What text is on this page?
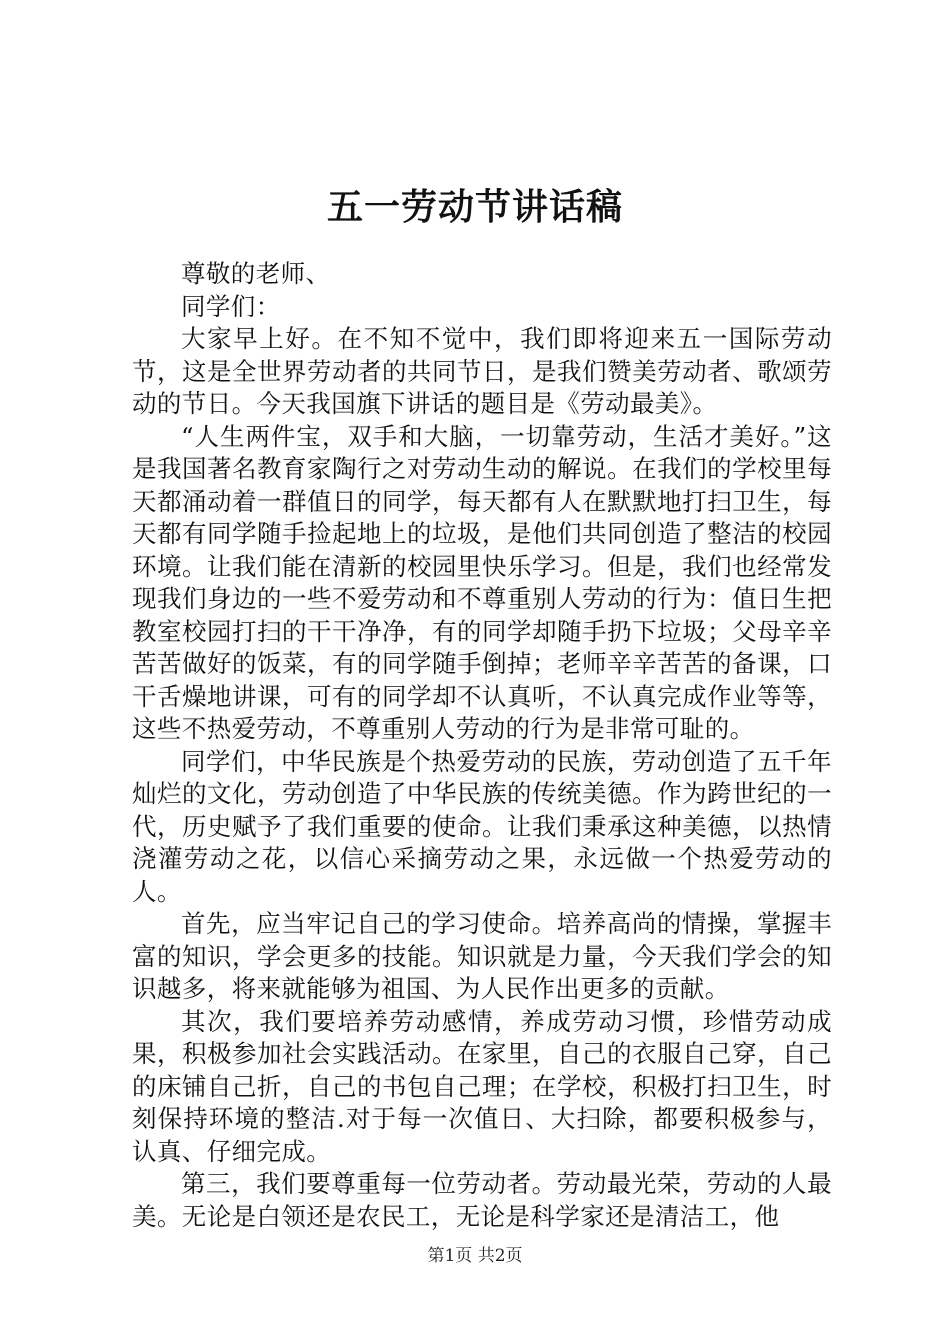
五一劳动节讲话稿

尊敬的老师、

同学们：

大家早上好。在不知不觉中，我们即将迎来五一国际劳动节，这是全世界劳动者的共同节日，是我们赞美劳动者、歌颂劳动的节日。今天我国旗下讲话的题目是《劳动最美》。

“人生两件宝，双手和大脑，一切靠劳动，生活才美好。”这是我国著名教育家陶行之对劳动生动的解说。在我们的学校里每天都涌动着一群值日的同学，每天都有人在默默地打扫卫生，每天都有同学随手捡起地上的垃圾，是他们共同创造了整洁的校园环境。让我们能在清新的校园里快乐学习。但是，我们也经常发现我们身边的一些不爱劳动和不尊重别人劳动的行为：值日生把教室校园打扫的干干净净，有的同学却随手扔下垃圾；父母辛辛苦苦做好的饭菜，有的同学随手倒掉；老师辛辛苦苦的备课，口干舌燥地讲课，可有的同学却不认真听，不认真完成作业等等，这些不热爱劳动，不尊重别人劳动的行为是非常可耻的。

同学们，中华民族是个热爱劳动的民族，劳动创造了五千年灿烂的文化，劳动创造了中华民族的传统美德。作为跨世纪的一代，历史赋予了我们重要的使命。让我们秉承这种美德，以热情浇灌劳动之花，以信心采摘劳动之果，永远做一个热爱劳动的人。

首先，应当牢记自己的学习使命。培养高尚的情操，掌握丰富的知识，学会更多的技能。知识就是力量，今天我们学会的知识越多，将来就能够为祖国、为人民作出更多的贡献。

其次，我们要培养劳动感情，养成劳动习惯，珍惜劳动成果，积极参加社会实践活动。在家里，自己的衣服自己穿，自己的床铺自己折，自己的书包自己理；在学校，积极打扫卫生，时刻保持环境的整洁.对于每一次值日、大扫除，都要积极参与，认真、仔细完成。

第三，我们要尊重每一位劳动者。劳动最光荣，劳动的人最美。无论是白领还是农民工，无论是科学家还是清洁工，他

第1页 共2页
